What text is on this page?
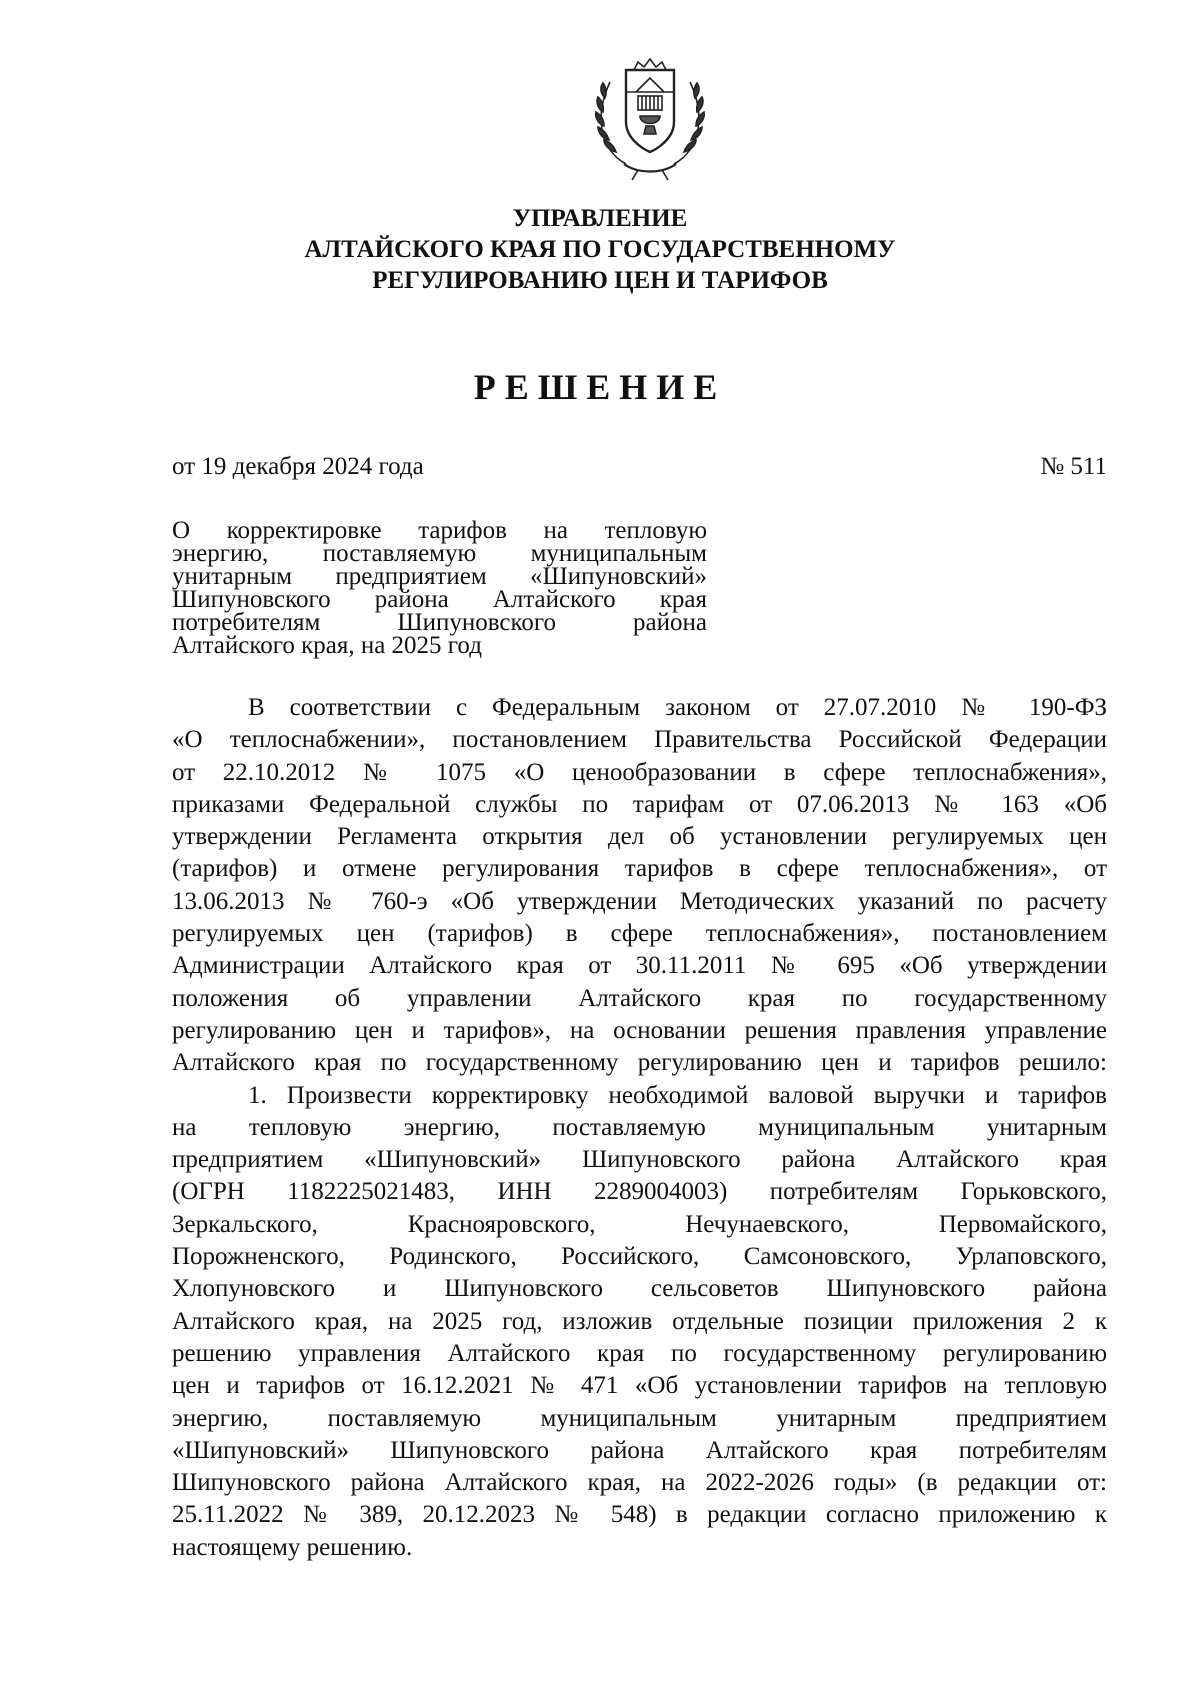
УПРАВЛЕНИЕ
АЛТАЙСКОГО КРАЯ ПО ГОСУДАРСТВЕННОМУ
РЕГУЛИРОВАНИЮ ЦЕН И ТАРИФОВ
РЕШЕНИЕ
от 19 декабря 2024 года	№ 511
О корректировке тарифов на тепловую
энергию, поставляемую муниципальным
унитарным предприятием «Шипуновский»
Шипуновского района Алтайского края
потребителям Шипуновского района
Алтайского края, на 2025 год
В соответствии с Федеральным законом от 27.07.2010 № 190-ФЗ
«О теплоснабжении», постановлением Правительства Российской Федерации
от 22.10.2012 № 1075 «О ценообразовании в сфере теплоснабжения»,
приказами Федеральной службы по тарифам от 07.06.2013 № 163 «Об
утверждении Регламента открытия дел об установлении регулируемых цен
(тарифов) и отмене регулирования тарифов в сфере теплоснабжения», от
13.06.2013 № 760-э «Об утверждении Методических указаний по расчету
регулируемых цен (тарифов) в сфере теплоснабжения», постановлением
Администрации Алтайского края от 30.11.2011 № 695 «Об утверждении
положения об управлении Алтайского края по государственному
регулированию цен и тарифов», на основании решения правления управление
Алтайского края по государственному регулированию цен и тарифов решило:
1. Произвести корректировку необходимой валовой выручки и тарифов
на тепловую энергию, поставляемую муниципальным унитарным
предприятием «Шипуновский» Шипуновского района Алтайского края
(ОГРН 1182225021483, ИНН 2289004003) потребителям Горьковского,
Зеркальского, Краснояровского, Нечунаевского, Первомайского,
Порожненского, Родинского, Российского, Самсоновского, Урлаповского,
Хлопуновского и Шипуновского сельсоветов Шипуновского района
Алтайского края, на 2025 год, изложив отдельные позиции приложения 2 к
решению управления Алтайского края по государственному регулированию
цен и тарифов от 16.12.2021 № 471 «Об установлении тарифов на тепловую
энергию, поставляемую муниципальным унитарным предприятием
«Шипуновский» Шипуновского района Алтайского края потребителям
Шипуновского района Алтайского края, на 2022-2026 годы» (в редакции от:
25.11.2022 № 389, 20.12.2023 № 548) в редакции согласно приложению к
настоящему решению.
